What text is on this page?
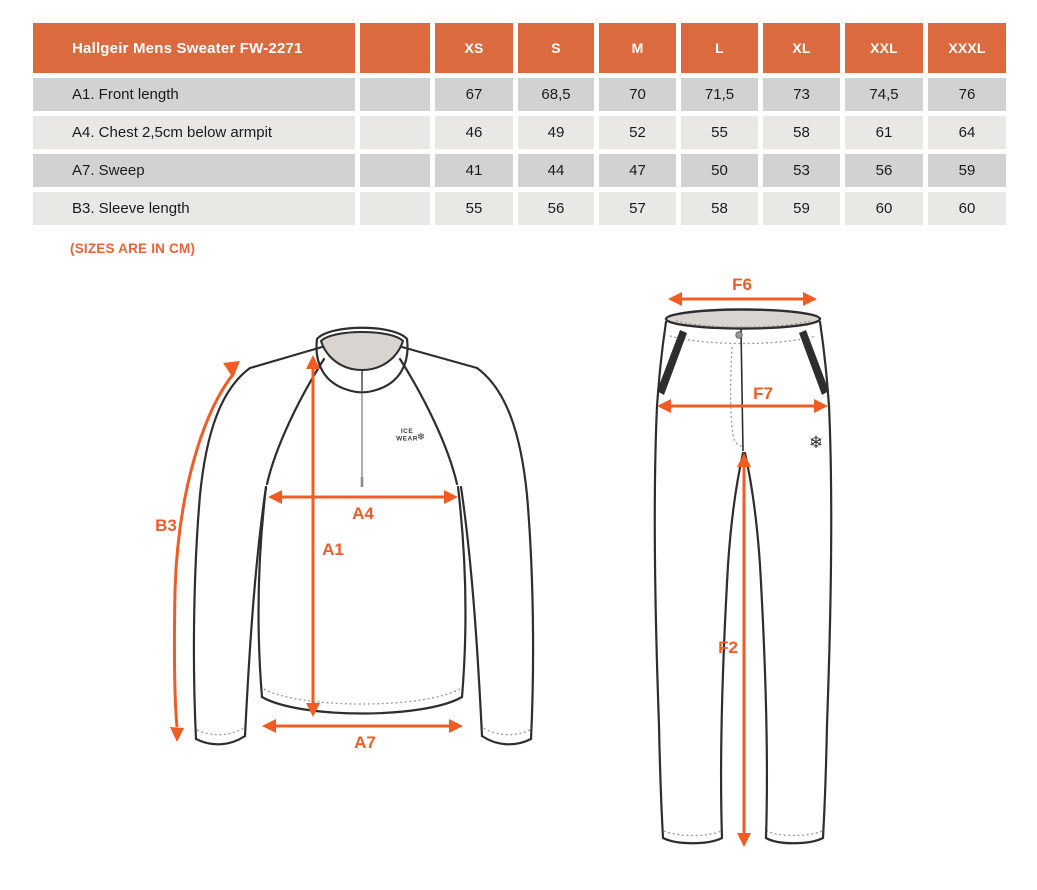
Hallgeir Mens Sweater FW-2271	XS	S	M	L	XL	XXL	XXXL
A1. Front length	67	68,5	70	71,5	73	74,5	76
A4. Chest 2,5cm below armpit	46	49	52	55	58	61	64
A7. Sweep	41	44	47	50	53	56	59
B3. Sleeve length	55	56	57	58	59	60	60
(SIZES ARE IN CM)
ICE
WEAR
❄
B3
A4
A1
A7
❄
F6
F7
F2
